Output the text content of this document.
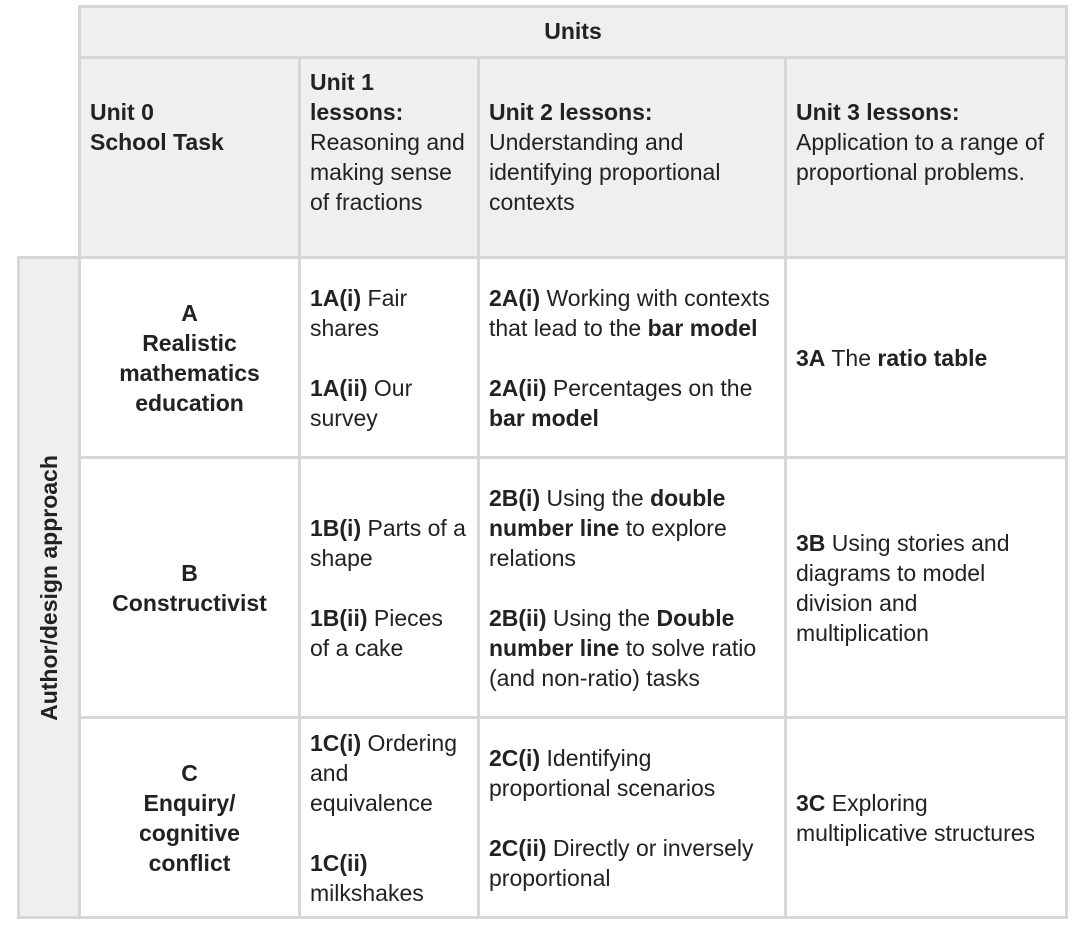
Units
Unit 0
School Task
Unit 1 lessons: Reasoning and making sense of fractions
Unit 2 lessons:
Understanding and identifying proportional contexts
Unit 3 lessons:
Application to a range of proportional problems.
Author/design approach
A
Realistic mathematics education
1A(i) Fair shares
1A(ii) Our survey
2A(i) Working with contexts that lead to the bar model
2A(ii) Percentages on the bar model
3A The ratio table
B
Constructivist
1B(i) Parts of a shape
1B(ii) Pieces of a cake
2B(i) Using the double number line to explore relations
2B(ii) Using the Double number line to solve ratio (and non-ratio) tasks
3B Using stories and diagrams to model division and multiplication
C
Enquiry/ cognitive conflict
1C(i) Ordering and equivalence
1C(ii) milkshakes
2C(i) Identifying proportional scenarios
2C(ii) Directly or inversely proportional
3C Exploring multiplicative structures
